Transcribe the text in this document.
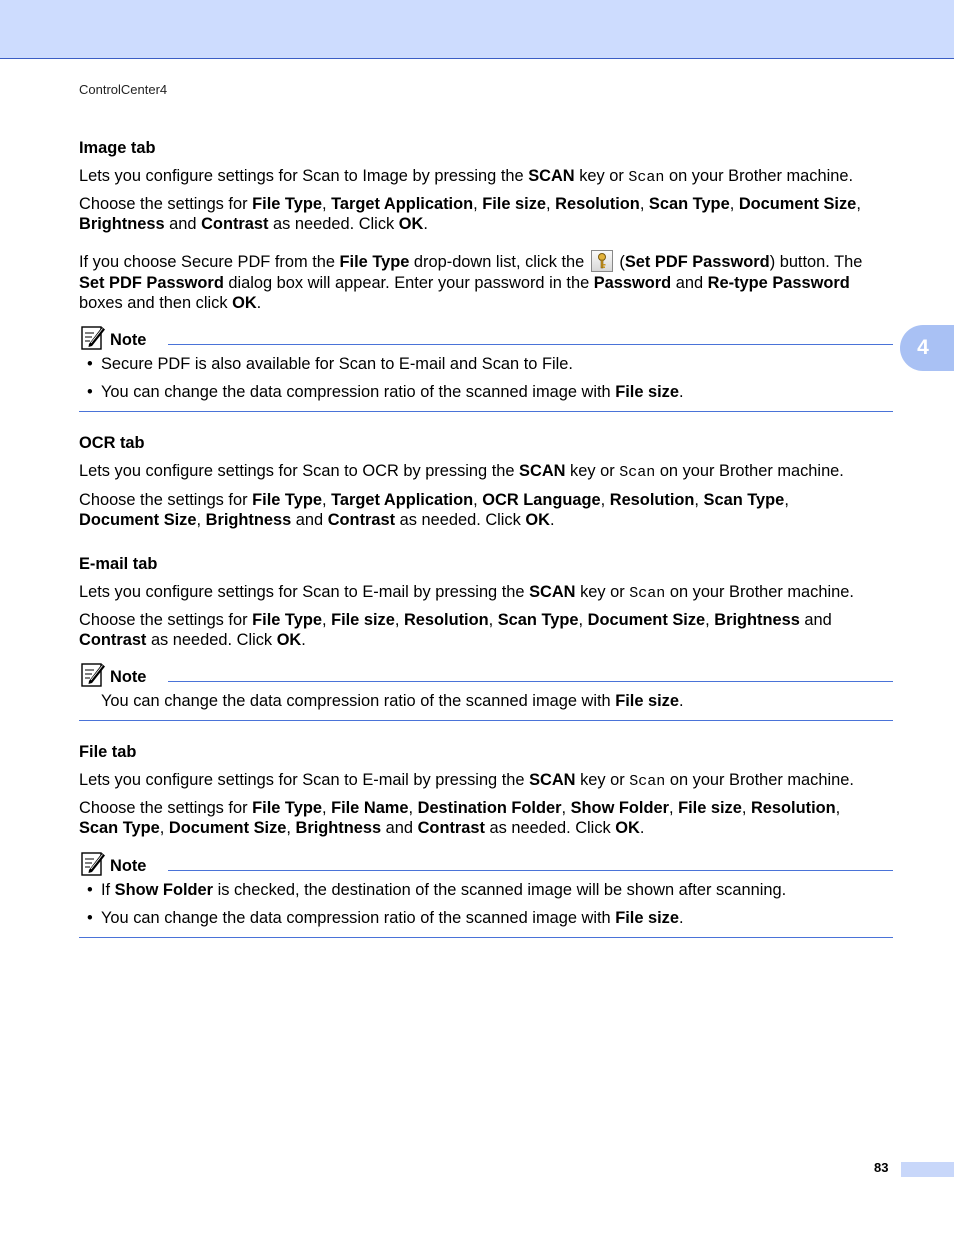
ControlCenter4
4
83
Image tab

Lets you configure settings for Scan to Image by pressing the SCAN key or Scan on your Brother machine.

Choose the settings for File Type, Target Application, File size, Resolution, Scan Type, Document Size,

Brightness and Contrast as needed. Click OK.

If you choose Secure PDF from the File Type drop-down list, click the
(Set PDF Password) button. The

Set PDF Password dialog box will appear. Enter your password in the Password and Re-type Password

boxes and then click OK.

Note
• Secure PDF is also available for Scan to E-mail and Scan to File.
• You can change the data compression ratio of the scanned image with File size.
OCR tab

Lets you configure settings for Scan to OCR by pressing the SCAN key or Scan on your Brother machine.

Choose the settings for File Type, Target Application, OCR Language, Resolution, Scan Type,

Document Size, Brightness and Contrast as needed. Click OK.

E-mail tab

Lets you configure settings for Scan to E-mail by pressing the SCAN key or Scan on your Brother machine.

Choose the settings for File Type, File size, Resolution, Scan Type, Document Size, Brightness and

Contrast as needed. Click OK.

Note

You can change the data compression ratio of the scanned image with File size.

File tab

Lets you configure settings for Scan to E-mail by pressing the SCAN key or Scan on your Brother machine.

Choose the settings for File Type, File Name, Destination Folder, Show Folder, File size, Resolution,

Scan Type, Document Size, Brightness and Contrast as needed. Click OK.

Note
• If Show Folder is checked, the destination of the scanned image will be shown after scanning.
• You can change the data compression ratio of the scanned image with File size.
